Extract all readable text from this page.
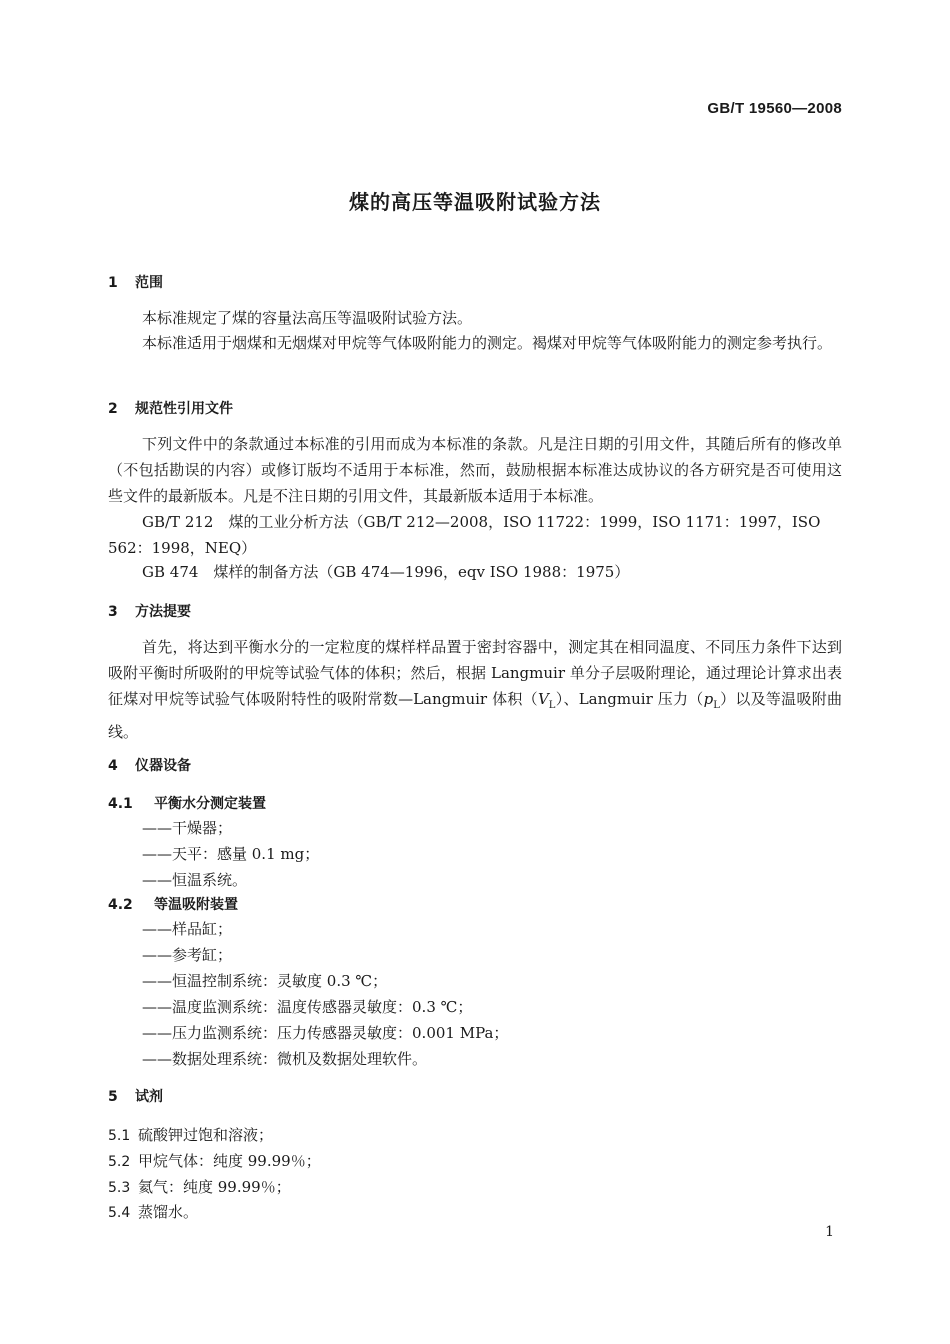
GB/T 19560—2008
煤的高压等温吸附试验方法
1 范围

本标准规定了煤的容量法高压等温吸附试验方法。

本标准适用于烟煤和无烟煤对甲烷等气体吸附能力的测定。褐煤对甲烷等气体吸附能力的测定参考执行。

2 规范性引用文件

下列文件中的条款通过本标准的引用而成为本标准的条款。凡是注日期的引用文件，其随后所有的修改单（不包括勘误的内容）或修订版均不适用于本标准，然而，鼓励根据本标准达成协议的各方研究是否可使用这些文件的最新版本。凡是不注日期的引用文件，其最新版本适用于本标准。

GB/T 212　煤的工业分析方法（GB/T 212—2008，ISO 11722：1999，ISO 1171：1997，ISO 562：1998，NEQ）

GB 474　煤样的制备方法（GB 474—1996，eqv ISO 1988：1975）
3 方法提要

首先，将达到平衡水分的一定粒度的煤样样品置于密封容器中，测定其在相同温度、不同压力条件下达到吸附平衡时所吸附的甲烷等试验气体的体积；然后，根据 Langmuir 单分子层吸附理论，通过理论计算求出表征煤对甲烷等试验气体吸附特性的吸附常数—Langmuir 体积$(V_L)$、Langmuir 压力$(p_L)$以及等温吸附曲线。

4 仪器设备
4.1 平衡水分测定装置
——干燥器；
——天平：感量 0.1 mg；
——恒温系统。
4.2 等温吸附装置
——样品缸；
——参考缸；
——恒温控制系统：灵敏度 0.3 ℃；
——温度监测系统：温度传感器灵敏度：0.3 ℃；
——压力监测系统：压力传感器灵敏度：0.001 MPa；
——数据处理系统：微机及数据处理软件。
5 试剂
5.1 硫酸钾过饱和溶液；
5.2 甲烷气体：纯度 99.99％；
5.3 氦气：纯度 99.99％；
5.4 蒸馏水。
1
